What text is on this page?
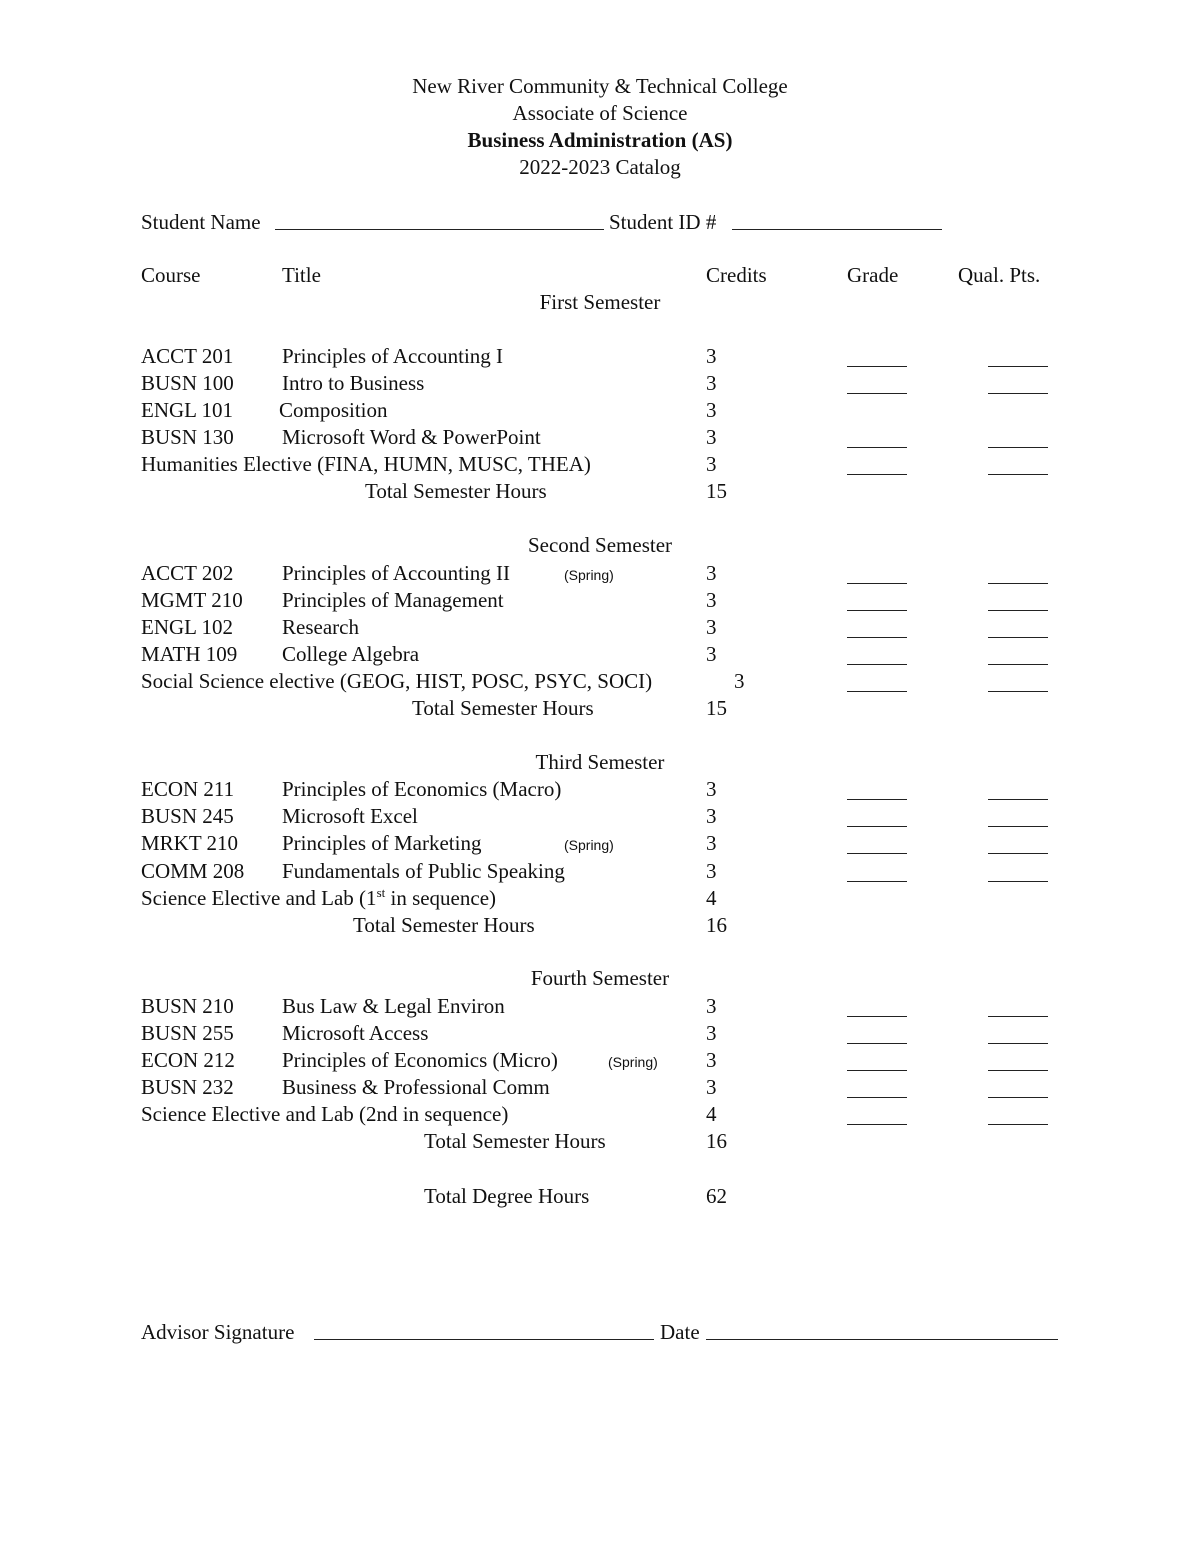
New River Community & Technical College
Associate of Science
Business Administration (AS)
2022-2023 Catalog
Student Name	Student ID #
Course	Title	Credits	Grade	Qual. Pts.
First Semester
ACCT 201 Principles of Accounting I	3
BUSN 100 Intro to Business	3
ENGL 101 Composition	3
BUSN 130 Microsoft Word & PowerPoint	3
Humanities Elective (FINA, HUMN, MUSC, THEA)	3
Total Semester Hours	15
Second Semester
ACCT 202 Principles of Accounting II	(Spring)	3
MGMT 210 Principles of Management	3
ENGL 102 Research	3
MATH 109 College Algebra	3
Social Science elective (GEOG, HIST, POSC, PSYC, SOCI)	3
Total Semester Hours	15
Third Semester
ECON 211 Principles of Economics (Macro)	3
BUSN 245 Microsoft Excel	3
MRKT 210 Principles of Marketing	(Spring)	3
COMM 208 Fundamentals of Public Speaking	3
Science Elective and Lab (1st in sequence)	4
Total Semester Hours	16
Fourth Semester
BUSN 210 Bus Law & Legal Environ	3
BUSN 255 Microsoft Access	3
ECON 212 Principles of Economics (Micro)	(Spring) 3
BUSN 232 Business & Professional Comm	3
Science Elective and Lab (2nd in sequence)	4
Total Semester Hours	16
Total Degree Hours	62
Advisor Signature	Date
